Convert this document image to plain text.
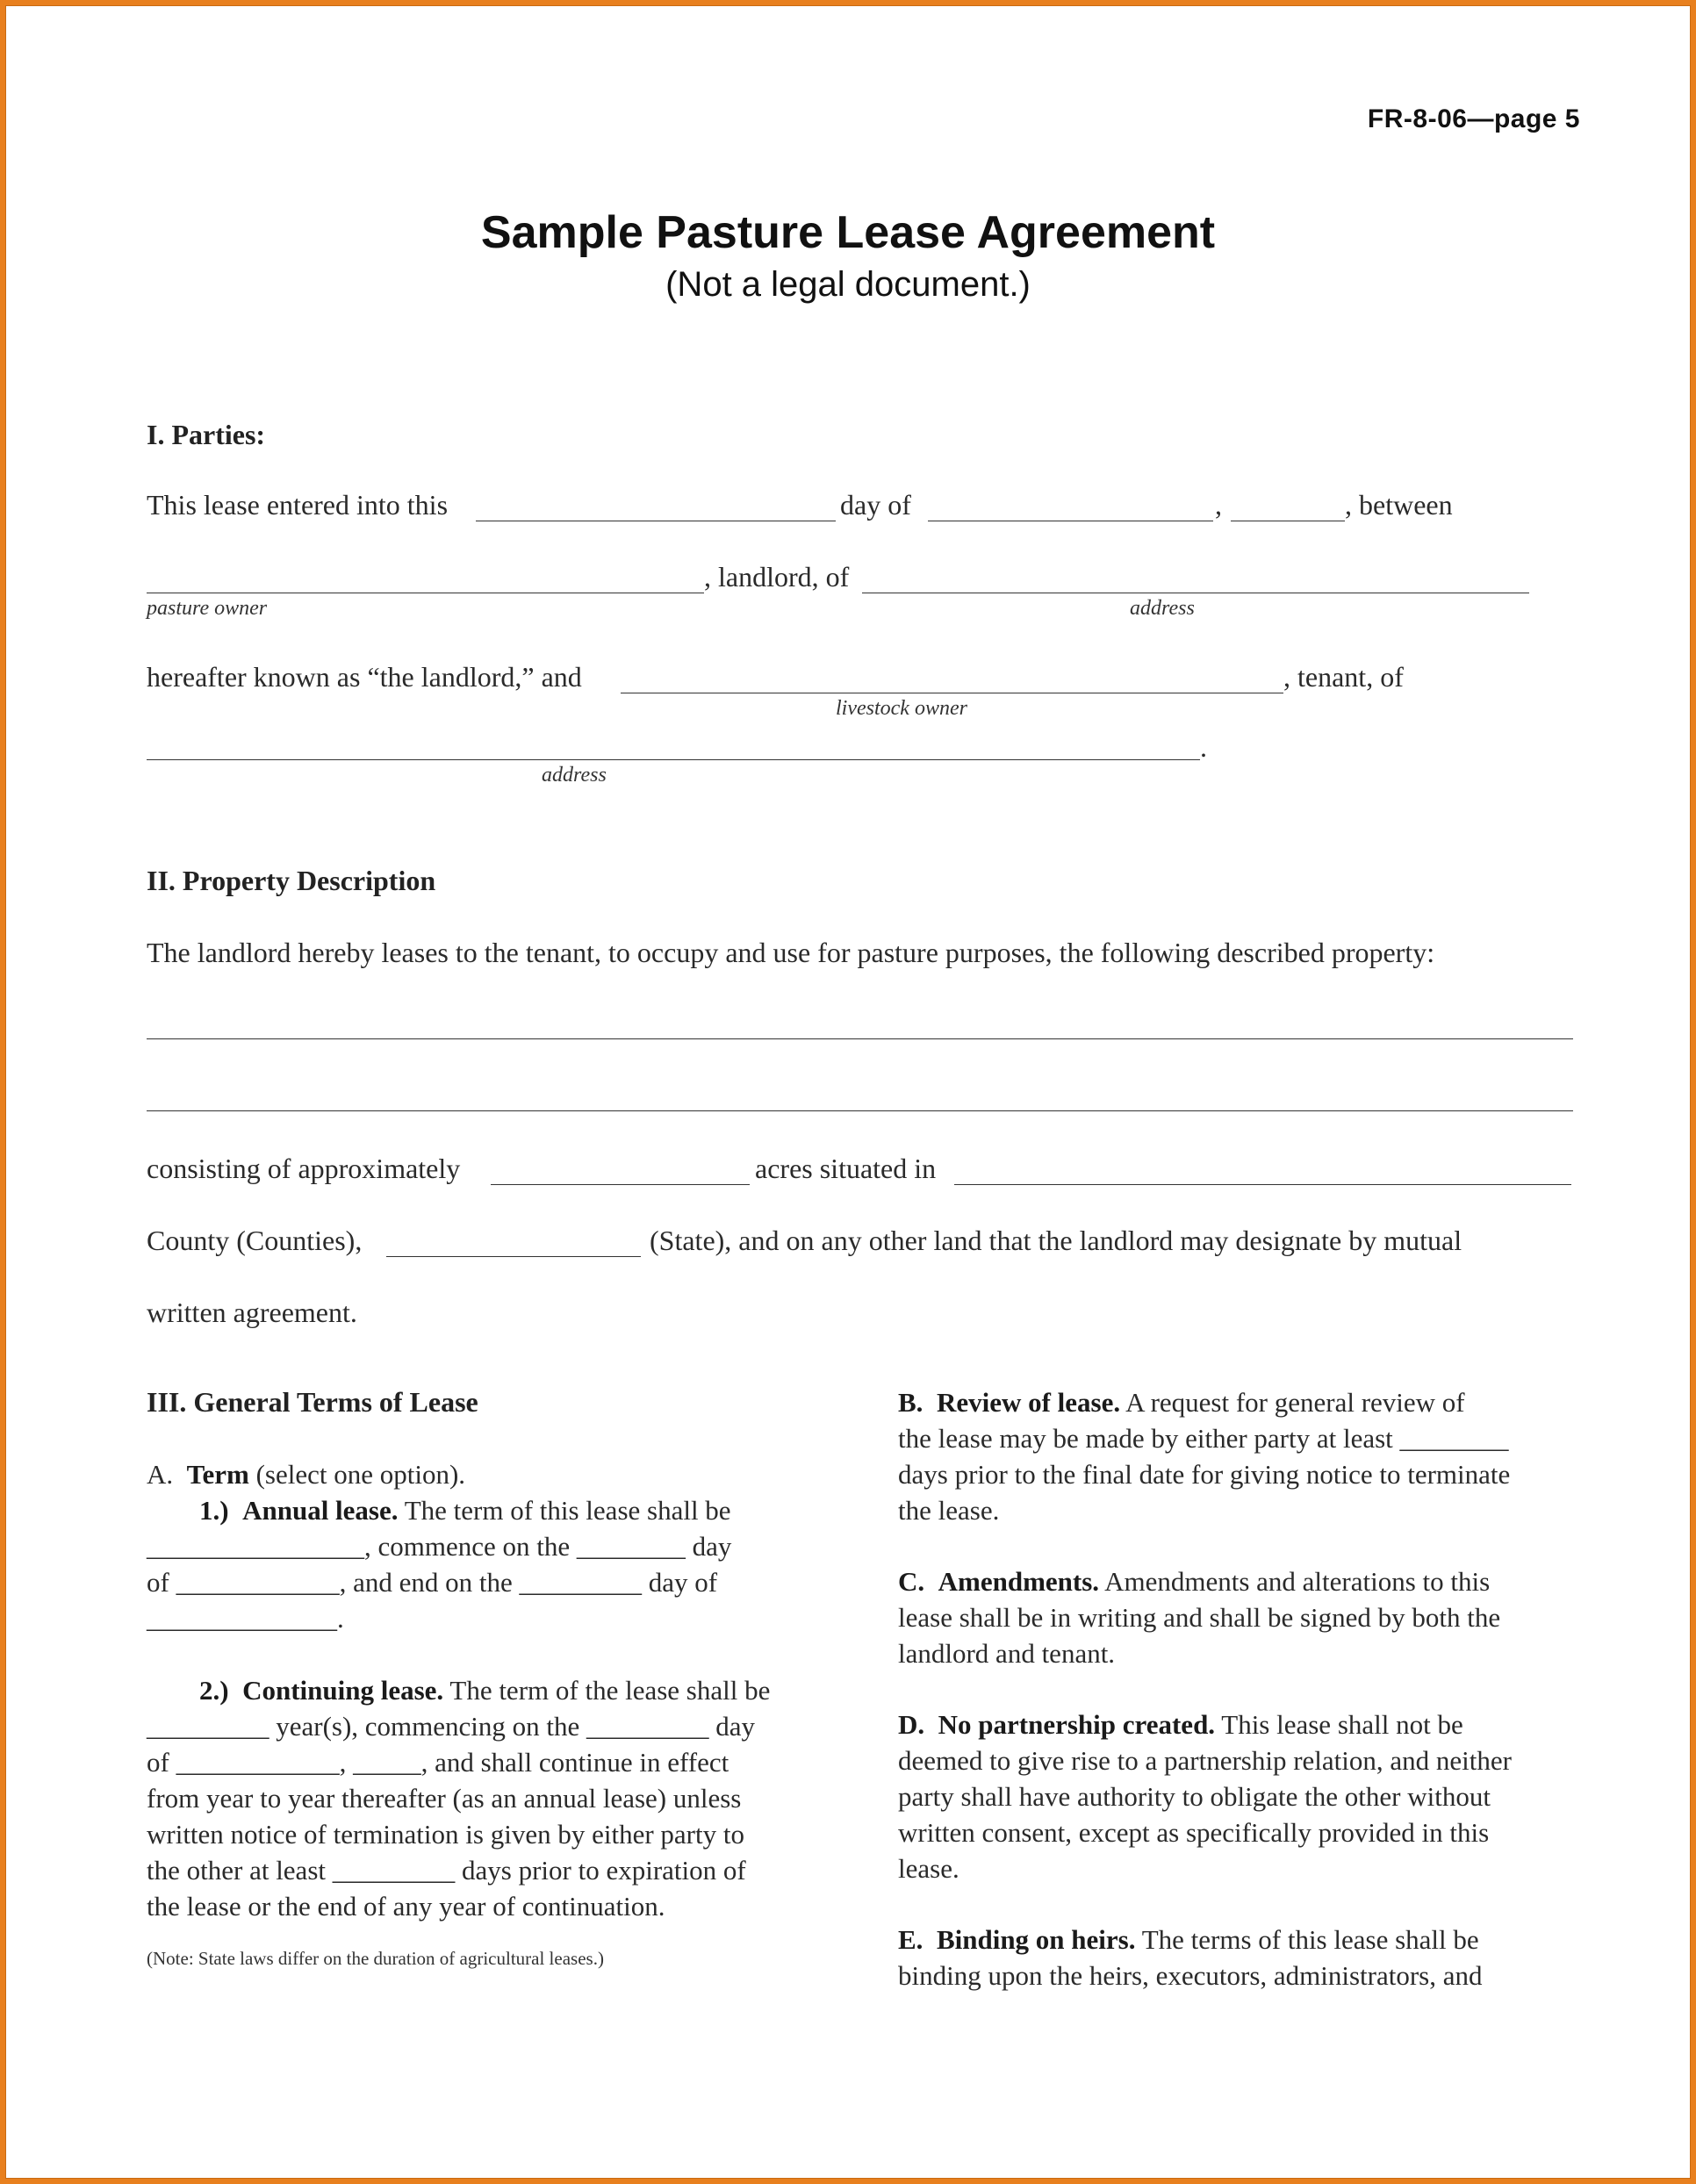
FR-8-06—page 5
Sample Pasture Lease Agreement
(Not a legal document.)
I. Parties:
This lease entered into this	day of	,	, between
, landlord, of
pasture owner	address
hereafter known as “the landlord,” and	, tenant, of
livestock owner
.
address
II. Property Description
The landlord hereby leases to the tenant, to occupy and use for pasture purposes, the following described property:
consisting of approximately	acres situated in
County (Counties),	(State), and on any other land that the landlord may designate by mutual
written agreement.
III. General Terms of Lease
A. Term (select one option).
1.) Annual lease. The term of this lease shall be
________________, commence on the ________ day
of ____________, and end on the _________ day of
______________.
2.) Continuing lease. The term of the lease shall be
_________ year(s), commencing on the _________ day
of ____________, _____, and shall continue in effect
from year to year thereafter (as an annual lease) unless
written notice of termination is given by either party to
the other at least _________ days prior to expiration of
the lease or the end of any year of continuation.
(Note: State laws differ on the duration of agricultural leases.)
B. Review of lease. A request for general review of
the lease may be made by either party at least ________
days prior to the final date for giving notice to terminate
the lease.
C. Amendments. Amendments and alterations to this
lease shall be in writing and shall be signed by both the
landlord and tenant.
D. No partnership created. This lease shall not be
deemed to give rise to a partnership relation, and neither
party shall have authority to obligate the other without
written consent, except as specifically provided in this
lease.
E. Binding on heirs. The terms of this lease shall be
binding upon the heirs, executors, administrators, and
